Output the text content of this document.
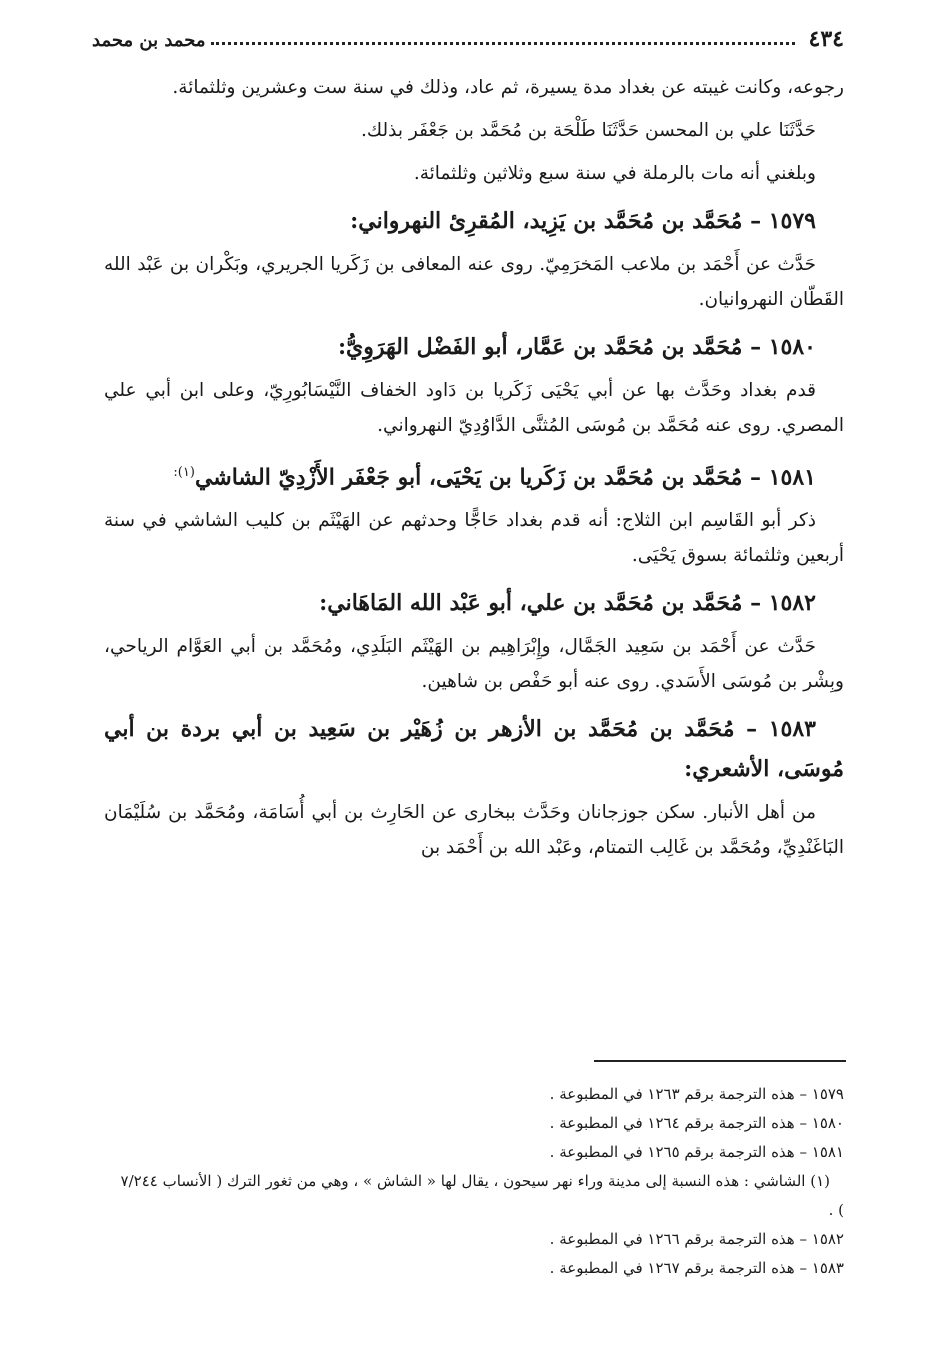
٤٣٤
محمد بن محمد

رجوعه، وكانت غيبته عن بغداد مدة يسيرة، ثم عاد، وذلك في سنة ست وعشرين وثلثمائة.

حَدَّثَنَا علي بن المحسن حَدَّثَنَا طَلْحَة بن مُحَمَّد بن جَعْفَر بذلك.

وبلغني أنه مات بالرملة في سنة سبع وثلاثين وثلثمائة.

١٥٧٩ – مُحَمَّد بن مُحَمَّد بن يَزِيد، المُقرِئ النهرواني:

حَدَّث عن أَحْمَد بن ملاعب المَخرَمِيّ. روى عنه المعافى بن زَكَريا الجريري، وبَكْران بن عَبْد الله القَطّان النهروانيان.

١٥٨٠ – مُحَمَّد بن مُحَمَّد بن عَمَّار، أبو الفَضْل الهَرَوِيُّ:

قدم بغداد وحَدَّث بها عن أبي يَحْيَى زَكَريا بن دَاود الخفاف النَّيْسَابُورِيّ، وعلى ابن أبي علي المصري. روى عنه مُحَمَّد بن مُوسَى المُثنَّى الدَّاوُدِيّ النهرواني.

١٥٨١ – مُحَمَّد بن مُحَمَّد بن زَكَريا بن يَحْيَى، أبو جَعْفَر الأَزْدِيّ الشاشي$^{(١):}$

ذكر أبو القَاسِم ابن الثلاج: أنه قدم بغداد حَاجًّا وحدثهم عن الهَيْثَم بن كليب الشاشي في سنة أربعين وثلثمائة بسوق يَحْيَى.

١٥٨٢ – مُحَمَّد بن مُحَمَّد بن علي، أبو عَبْد الله المَاهَاني:

حَدَّث عن أَحْمَد بن سَعِيد الجَمَّال، وإِبْرَاهِيم بن الهَيْثَم البَلَدِي، ومُحَمَّد بن أبي العَوَّام الرياحي، وبِشْر بن مُوسَى الأَسَدي. روى عنه أبو حَفْص بن شاهين.

١٥٨٣ – مُحَمَّد بن مُحَمَّد بن الأزهر بن زُهَيْر بن سَعِيد بن أبي بردة بن أبي مُوسَى، الأشعري:

من أهل الأنبار. سكن جوزجانان وحَدَّث ببخارى عن الحَارِث بن أبي أُسَامَة، ومُحَمَّد بن سُلَيْمَان البَاغَنْدِيِّ، ومُحَمَّد بن غَالِب التمتام، وعَبْد الله بن أَحْمَد بن

١٥٧٩ – هذه الترجمة برقم ١٢٦٣ في المطبوعة .

١٥٨٠ – هذه الترجمة برقم ١٢٦٤ في المطبوعة .

١٥٨١ – هذه الترجمة برقم ١٢٦٥ في المطبوعة .

(١) الشاشي : هذه النسبة إلى مدينة وراء نهر سيحون ، يقال لها « الشاش » ، وهي من ثغور الترك ( الأنساب ٧/٢٤٤ ) .

١٥٨٢ – هذه الترجمة برقم ١٢٦٦ في المطبوعة .

١٥٨٣ – هذه الترجمة برقم ١٢٦٧ في المطبوعة .
